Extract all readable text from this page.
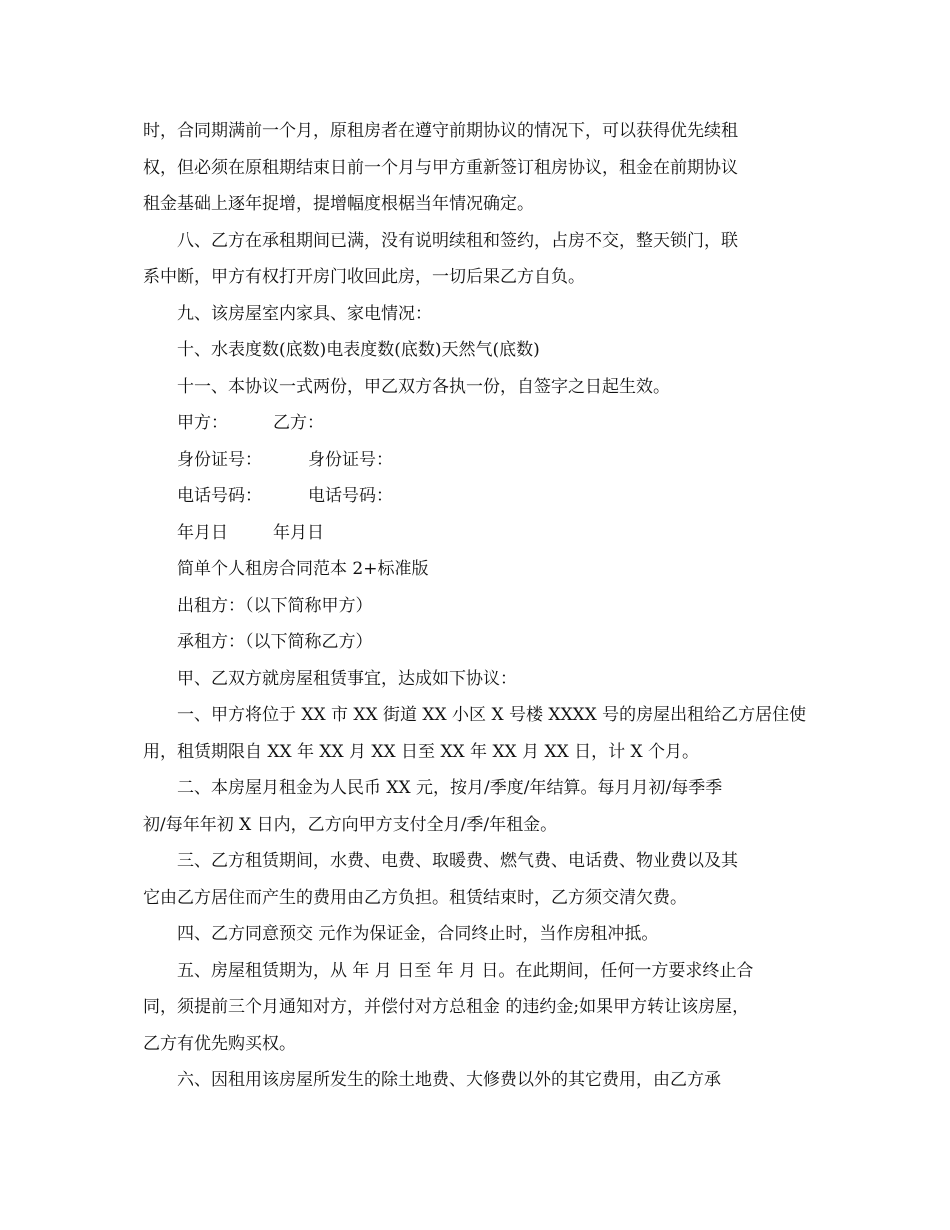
时，合同期满前一个月，原租房者在遵守前期协议的情况下，可以获得优先续租
权，但必须在原租期结束日前一个月与甲方重新签订租房协议，租金在前期协议
租金基础上逐年捉增，提增幅度根椐当年情况确定。

八、乙方在承租期间已满，没有说明续租和签约，占房不交，整天锁门，联
系中断，甲方有权打开房门收回此房，一切后果乙方自负。

九、该房屋室内家具、家电情况：

十、水表度数(底数)电表度数(底数)天然气(底数)

十一、本协议一式两份，甲乙双方各执一份，自签字之日起生效。

甲方：	乙方：
身份证号：	身份证号：
电话号码：	电话号码：
年月日	年月日

简单个人租房合同范本 2+标准版

出租方：（以下简称甲方）

承租方：（以下简称乙方）

甲、乙双方就房屋租赁事宜，达成如下协议：

一、甲方将位于 XX 市 XX 街道 XX 小区 X 号楼 XXXX 号的房屋出租给乙方居住使
用，租赁期限自 XX 年 XX 月 XX 日至 XX 年 XX 月 XX 日，计 X 个月。

二、本房屋月租金为人民币 XX 元，按月/季度/年结算。每月月初/每季季
初/每年年初 X 日内，乙方向甲方支付全月/季/年租金。

三、乙方租赁期间，水费、电费、取暖费、燃气费、电话费、物业费以及其
它由乙方居住而产生的费用由乙方负担。租赁结束时，乙方须交清欠费。

四、乙方同意预交 元作为保证金，合同终止时，当作房租冲抵。

五、房屋租赁期为，从 年 月 日至 年 月 日。在此期间，任何一方要求终止合
同，须提前三个月通知对方，并偿付对方总租金 的违约金;如果甲方转让该房屋，
乙方有优先购买权。

六、因租用该房屋所发生的除土地费、大修费以外的其它费用，由乙方承
